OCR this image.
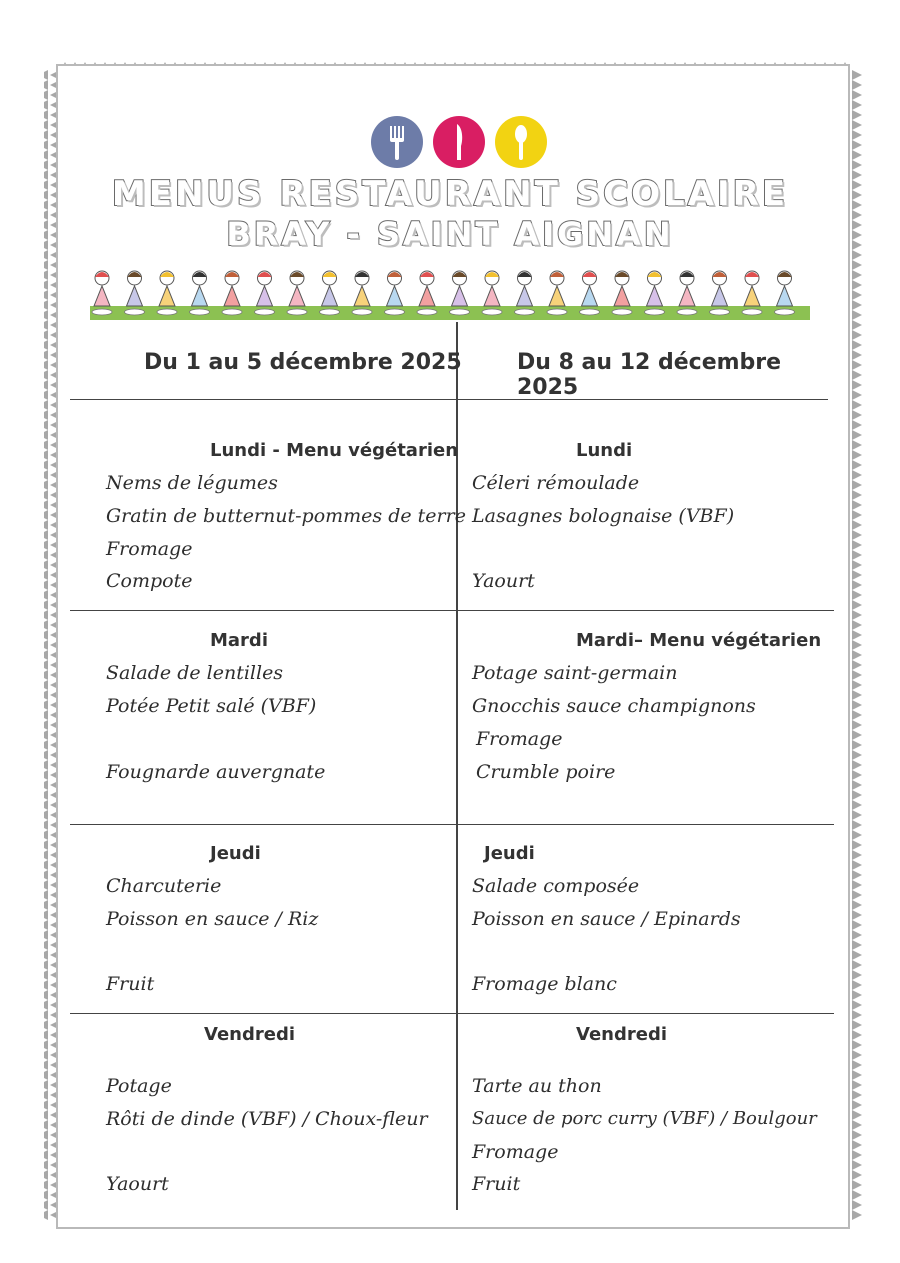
MENUS RESTAURANT SCOLAIRE
BRAY - SAINT AIGNAN
Du 1 au 5 décembre 2025	Du 8 au 12 décembre 2025
Lundi - Menu végétarien
Nems de légumes
Gratin de butternut-pommes de terre
Fromage
Compote
Mardi
Salade de lentilles
Potée Petit salé (VBF)
Fougnarde auvergnate
Jeudi
Charcuterie
Poisson en sauce / Riz
Fruit
Vendredi
Potage
Rôti de dinde (VBF) / Choux-fleur
Yaourt
Lundi
Céleri rémoulade
Lasagnes bolognaise (VBF)
Yaourt
Mardi– Menu végétarien
Potage saint-germain
Gnocchis sauce champignons
Fromage
Crumble poire
Jeudi
Salade composée
Poisson en sauce / Epinards
Fromage blanc
Vendredi
Tarte au thon
Sauce de porc curry (VBF) / Boulgour
Fromage
Fruit
